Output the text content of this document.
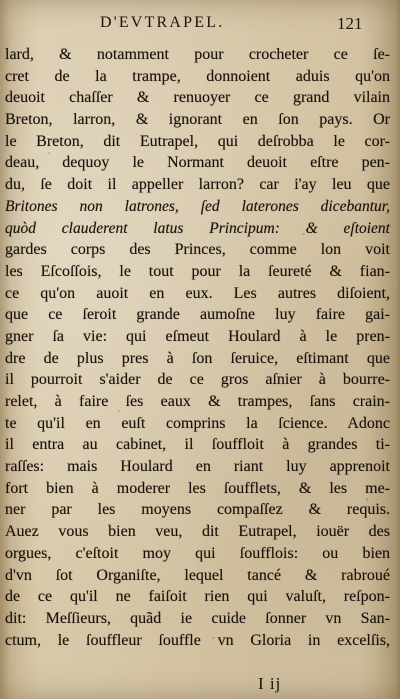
D'EVTRAPEL.	121
lard, & notamment pour crocheter ce ſe-
cret de la trampe, donnoient aduis qu'on
deuoit chaſſer & renuoyer ce grand vilain
Breton, larron, & ignorant en ſon pays. Or
le Breton, dit Eutrapel, qui deſrobba le cor-
deau, dequoy le Normant deuoit eſtre pen-
du, ſe doit il appeller larron? car i'ay leu que
Britones non latrones, ſed laterones dicebantur,
quòd clauderent latus Principum: & eſtoient
gardes corps des Princes, comme lon voit
les Eſcoſſois, le tout pour la ſeureté & fian-
ce qu'on auoit en eux. Les autres diſoient,
que ce ſeroit grande aumoſne luy faire gai-
gner ſa vie: qui eſmeut Houlard à le pren-
dre de plus pres à ſon ſeruice, eſtimant que
il pourroit s'aider de ce gros aſnier à bourre-
relet, à faire ſes eaux & trampes, ſans crain-
te qu'il en euſt comprins la ſcience. Adonc
il entra au cabinet, il ſouffloit à grandes ti-
raſſes: mais Houlard en riant luy apprenoit
fort bien à moderer les ſoufflets, & les me-
ner par les moyens compaſſez & requis.
Auez vous bien veu, dit Eutrapel, iouër des
orgues, c'eſtoit moy qui ſoufflois: ou bien
d'vn ſot Organiſte, lequel tancé & rabroué
de ce qu'il ne faiſoit rien qui valuſt, reſpon-
dit: Meſſieurs, quãd ie cuide ſonner vn San-
ctum, le ſouffleur ſouffle vn Gloria in excelſis,
I ij
